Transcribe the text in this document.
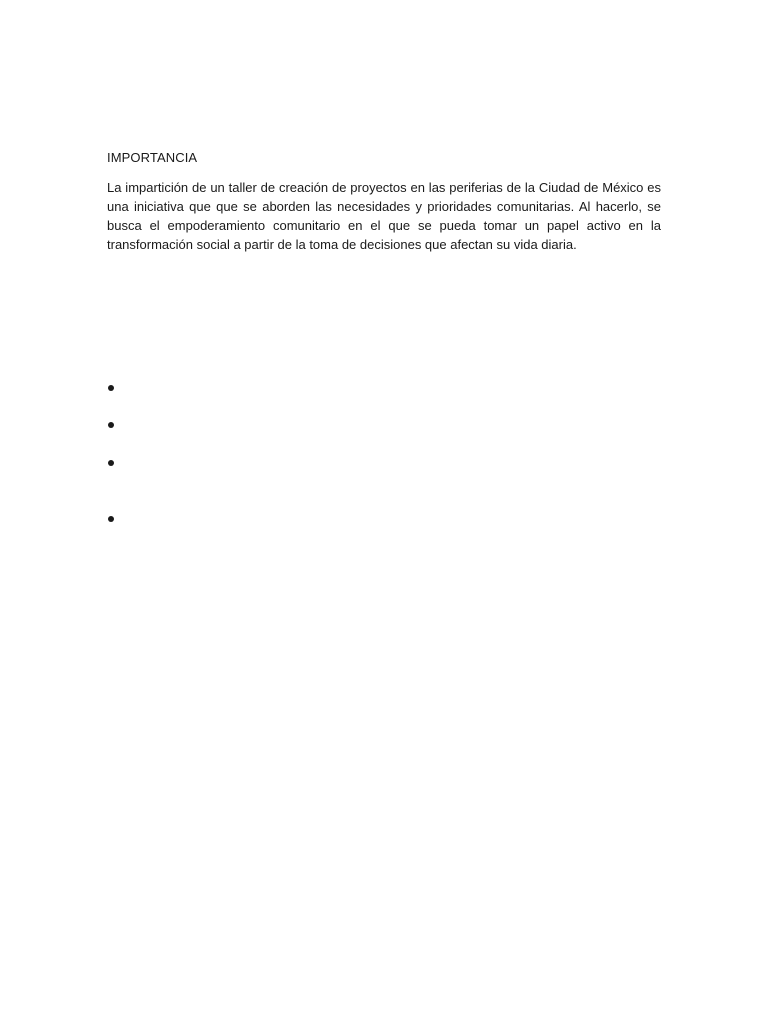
IMPORTANCIA

La impartición de un taller de creación de proyectos en las periferias de la Ciudad de México es una iniciativa que que se aborden las necesidades y prioridades comunitarias. Al hacerlo, se busca el empoderamiento comunitario en el que se pueda tomar un papel activo en la transformación social a partir de la toma de decisiones que afectan su vida diaria.
